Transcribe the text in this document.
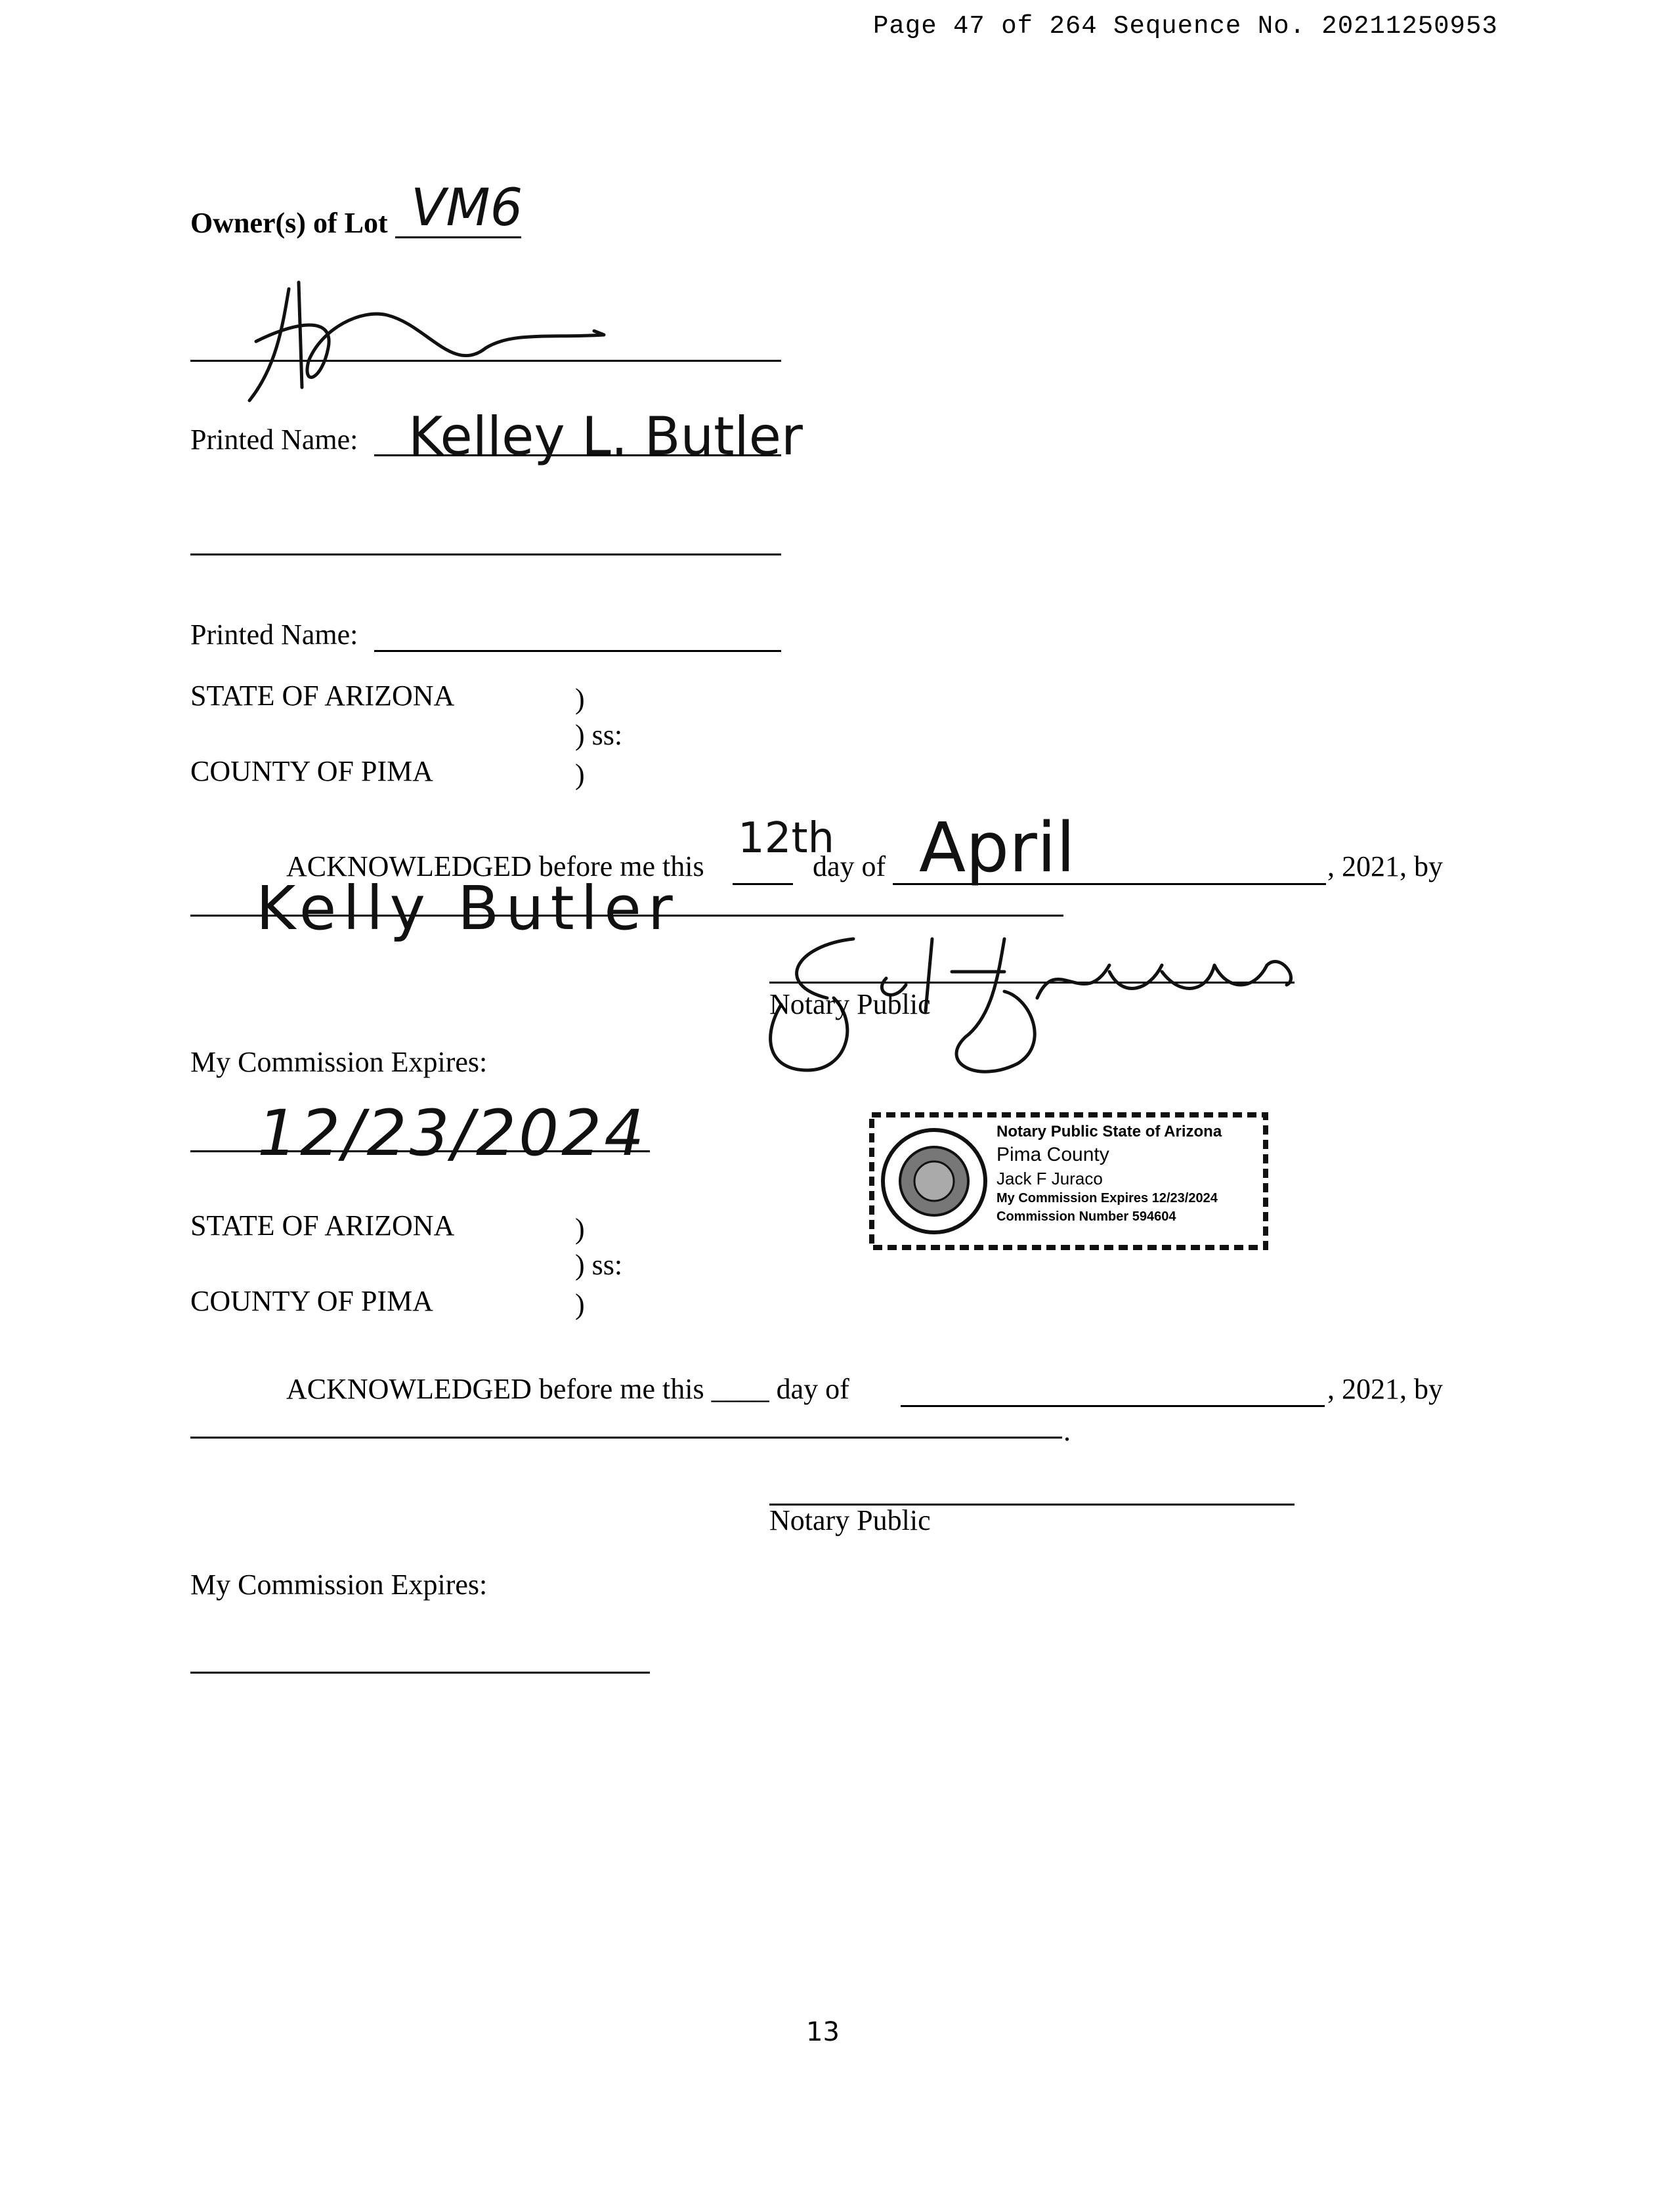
Page 47 of 264 Sequence No. 20211250953
Owner(s) of Lot VM6
Printed Name: Kelley L. Butler
Printed Name:
STATE OF ARIZONA	)
) ss:
COUNTY OF PIMA	)
ACKNOWLEDGED before me this
12th
day of April	, 2021, by
Kelly Butler
Notary Public
My Commission Expires:
12/23/2024	Notary Public State of Arizona
Pima County
Jack F Juraco
My Commission Expires 12/23/2024
Commission Number 594604
STATE OF ARIZONA	)
) ss:
COUNTY OF PIMA	)
ACKNOWLEDGED before me this ____ day of	, 2021, by
.
Notary Public
My Commission Expires:
13
